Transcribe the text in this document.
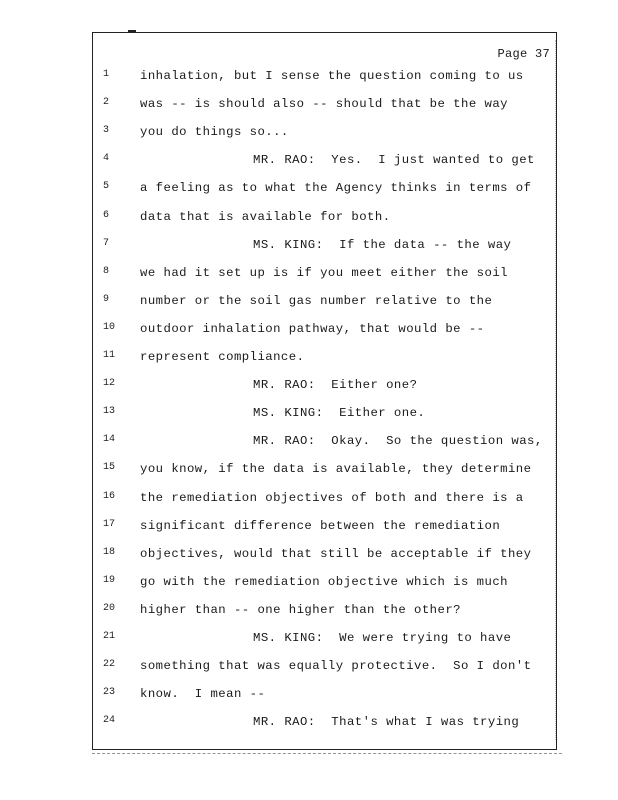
Page 37
1	inhalation, but I sense the question coming to us
2	was -- is should also -- should that be the way
3	you do things so...
4	MR. RAO:  Yes.  I just wanted to get
5	a feeling as to what the Agency thinks in terms of
6	data that is available for both.
7	MS. KING:  If the data -- the way
8	we had it set up is if you meet either the soil
9	number or the soil gas number relative to the
10	outdoor inhalation pathway, that would be --
11	represent compliance.
12	MR. RAO:  Either one?
13	MS. KING:  Either one.
14	MR. RAO:  Okay.  So the question was,
15	you know, if the data is available, they determine
16	the remediation objectives of both and there is a
17	significant difference between the remediation
18	objectives, would that still be acceptable if they
19	go with the remediation objective which is much
20	higher than -- one higher than the other?
21	MS. KING:  We were trying to have
22	something that was equally protective.  So I don't
23	know.  I mean --
24	MR. RAO:  That's what I was trying
